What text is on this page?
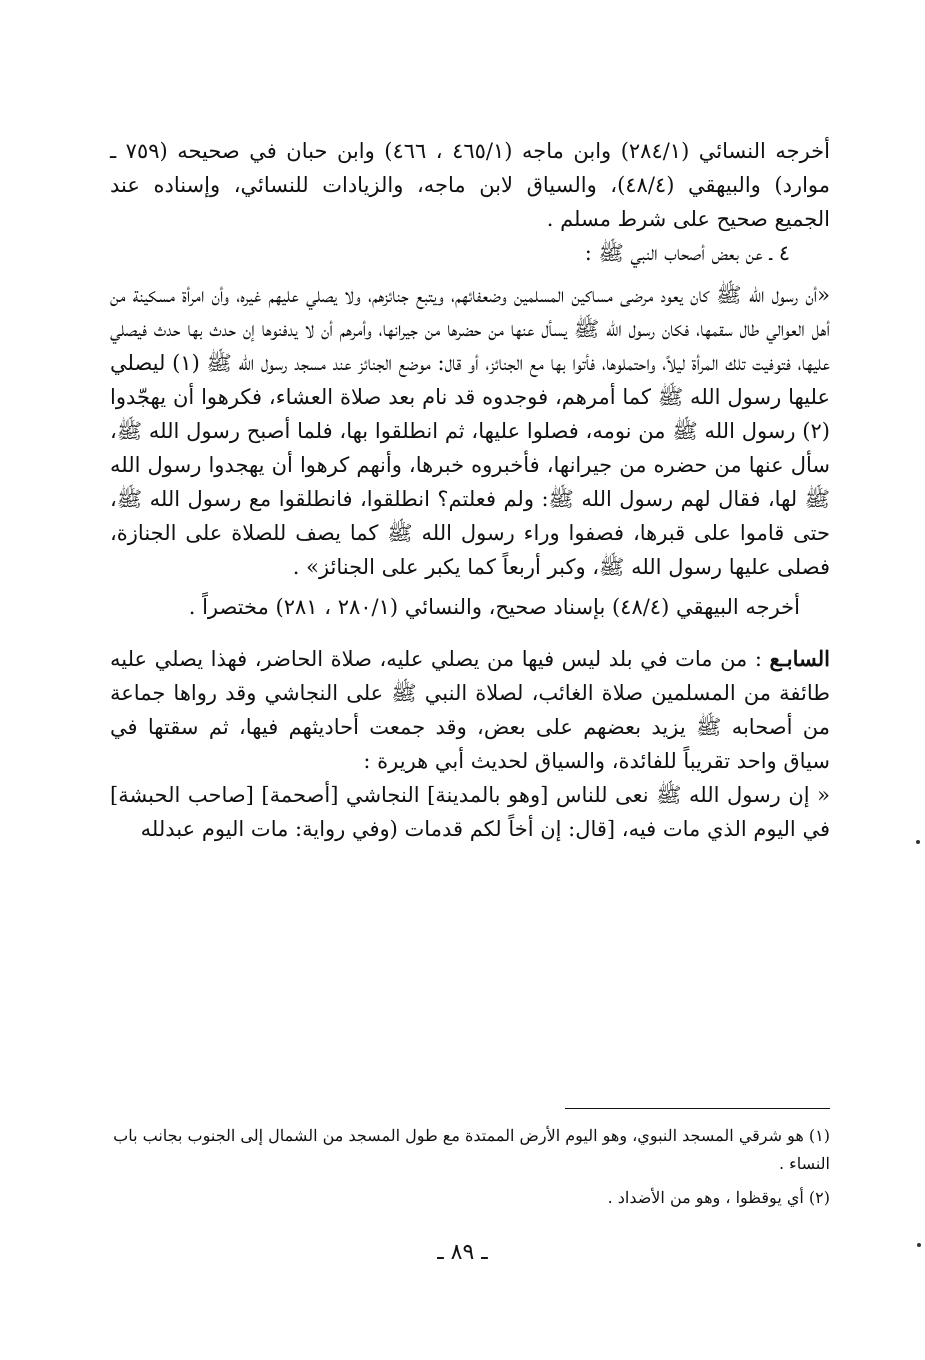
أخرجه النسائي (٢٨٤/١) وابن ماجه (٤٦٥/١ ، ٤٦٦) وابن حبان في صحيحه (٧٥٩ ـ موارد) والبيهقي (٤٨/٤)، والسياق لابن ماجه، والزيادات للنسائي، وإسناده عند الجميع صحيح على شرط مسلم .

٤ ـ عن بعض أصحاب النبي ﷺ :

«أن رسول الله ﷺ كان يعود مرضى مساكين المسلمين وضعفائهم، ويتبع جنائزهم، ولا يصلي عليهم غيره، وأن امرأة مسكينة من أهل العوالي طال سقمها، فكان رسول الله ﷺ يسأل عنها من حضرها من جيرانها، وأمرهم أن لا يدفنوها إن حدث بها حدث فيصلي عليها، فتوفيت تلك المرأة ليلاً، واحتملوها، فأتوا بها مع الجنائز، أو قال: موضع الجنائز عند مسجد رسول الله ﷺ (١) ليصلي عليها رسول الله ﷺ كما أمرهم، فوجدوه قد نام بعد صلاة العشاء، فكرهوا أن يهجّدوا (٢) رسول الله ﷺ من نومه، فصلوا عليها، ثم انطلقوا بها، فلما أصبح رسول الله ﷺ، سأل عنها من حضره من جيرانها، فأخبروه خبرها، وأنهم كرهوا أن يهجدوا رسول الله ﷺ لها، فقال لهم رسول الله ﷺ: ولم فعلتم؟ انطلقوا، فانطلقوا مع رسول الله ﷺ، حتى قاموا على قبرها، فصفوا وراء رسول الله ﷺ كما يصف للصلاة على الجنازة، فصلى عليها رسول الله ﷺ، وكبر أربعاً كما يكبر على الجنائز» .

أخرجه البيهقي (٤٨/٤) بإسناد صحيح، والنسائي (٢٨٠/١ ، ٢٨١) مختصراً .

السابـع : من مات في بلد ليس فيها من يصلي عليه، صلاة الحاضر، فهذا يصلي عليه طائفة من المسلمين صلاة الغائب، لصلاة النبي ﷺ على النجاشي وقد رواها جماعة من أصحابه ﷺ يزيد بعضهم على بعض، وقد جمعت أحاديثهم فيها، ثم سقتها في سياق واحد تقريباً للفائدة، والسياق لحديث أبي هريرة :

« إن رسول الله ﷺ نعى للناس [وهو بالمدينة] النجاشي [أصحمة] [صاحب الحبشة] في اليوم الذي مات فيه، [قال: إن أخاً لكم قدمات (وفي رواية: مات اليوم عبدلله

(١) هو شرقي المسجد النبوي، وهو اليوم الأرض الممتدة مع طول المسجد من الشمال إلى الجنوب بجانب باب النساء .

(٢) أي يوقظوا ، وهو من الأضداد .

ـ ٨٩ ـ
